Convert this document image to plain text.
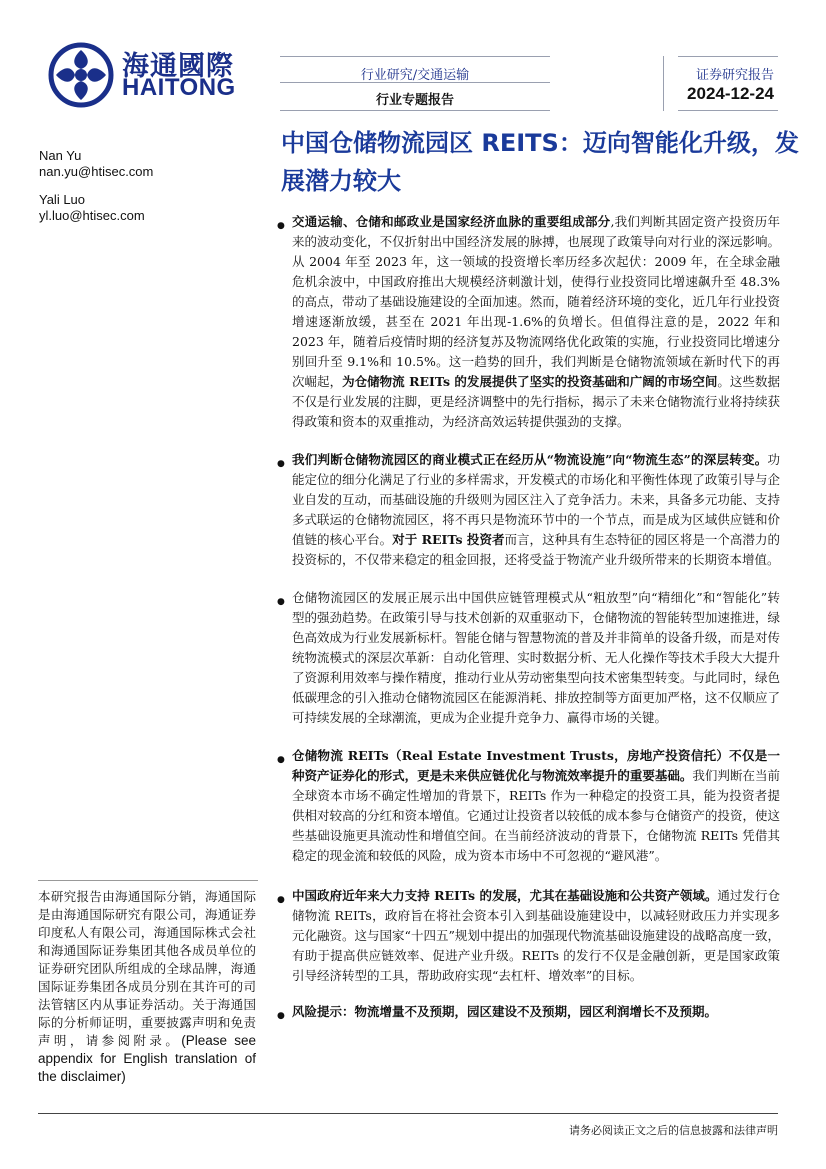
海通國際
HAITONG	行业研究/交通运输
行业专题报告
证券研究报告
2024-12-24
Nan Yu
nan.yu@htisec.com
Yali Luo
yl.luo@htisec.com
中国仓储物流园区 REITS：迈向智能化升级，发展潜力较大
● 交通运输、仓储和邮政业是国家经济血脉的重要组成部分,我们判断其固定资产投资历年来的波动变化，不仅折射出中国经济发展的脉搏，也展现了政策导向对行业的深远影响。从 2004 年至 2023 年，这一领域的投资增长率历经多次起伏：2009 年，在全球金融危机余波中，中国政府推出大规模经济刺激计划，使得行业投资同比增速飙升至 48.3%的高点，带动了基础设施建设的全面加速。然而，随着经济环境的变化，近几年行业投资增速逐渐放缓，甚至在 2021 年出现-1.6%的负增长。但值得注意的是，2022 年和 2023 年，随着后疫情时期的经济复苏及物流网络优化政策的实施，行业投资同比增速分别回升至 9.1%和 10.5%。这一趋势的回升，我们判断是仓储物流领域在新时代下的再次崛起，为仓储物流 REITs 的发展提供了坚实的投资基础和广阔的市场空间。这些数据不仅是行业发展的注脚，更是经济调整中的先行指标，揭示了未来仓储物流行业将持续获得政策和资本的双重推动，为经济高效运转提供强劲的支撑。
● 我们判断仓储物流园区的商业模式正在经历从“物流设施”向“物流生态”的深层转变。功能定位的细分化满足了行业的多样需求，开发模式的市场化和平衡性体现了政策引导与企业自发的互动，而基础设施的升级则为园区注入了竞争活力。未来，具备多元功能、支持多式联运的仓储物流园区，将不再只是物流环节中的一个节点，而是成为区域供应链和价值链的核心平台。对于 REITs 投资者而言，这种具有生态特征的园区将是一个高潜力的投资标的，不仅带来稳定的租金回报，还将受益于物流产业升级所带来的长期资本增值。
● 仓储物流园区的发展正展示出中国供应链管理模式从“粗放型”向“精细化”和“智能化”转型的强劲趋势。在政策引导与技术创新的双重驱动下，仓储物流的智能转型加速推进，绿色高效成为行业发展新标杆。智能仓储与智慧物流的普及并非简单的设备升级，而是对传统物流模式的深层次革新：自动化管理、实时数据分析、无人化操作等技术手段大大提升了资源利用效率与操作精度，推动行业从劳动密集型向技术密集型转变。与此同时，绿色低碳理念的引入推动仓储物流园区在能源消耗、排放控制等方面更加严格，这不仅顺应了可持续发展的全球潮流，更成为企业提升竞争力、赢得市场的关键。
● 仓储物流 REITs（Real Estate Investment Trusts，房地产投资信托）不仅是一种资产证券化的形式，更是未来供应链优化与物流效率提升的重要基础。我们判断在当前全球资本市场不确定性增加的背景下，REITs 作为一种稳定的投资工具，能为投资者提供相对较高的分红和资本增值。它通过让投资者以较低的成本参与仓储资产的投资，使这些基础设施更具流动性和增值空间。在当前经济波动的背景下，仓储物流 REITs 凭借其稳定的现金流和较低的风险，成为资本市场中不可忽视的“避风港”。
● 中国政府近年来大力支持 REITs 的发展，尤其在基础设施和公共资产领域。通过发行仓储物流 REITs，政府旨在将社会资本引入到基础设施建设中，以减轻财政压力并实现多元化融资。这与国家“十四五”规划中提出的加强现代物流基础设施建设的战略高度一致，有助于提高供应链效率、促进产业升级。REITs 的发行不仅是金融创新，更是国家政策引导经济转型的工具，帮助政府实现“去杠杆、增效率”的目标。
● 风险提示：物流增量不及预期，园区建设不及预期，园区利润增长不及预期。
本研究报告由海通国际分销，海通国际是由海通国际研究有限公司，海通证券印度私人有限公司，海通国际株式会社和海通国际证券集团其他各成员单位的证券研究团队所组成的全球品牌，海通国际证券集团各成员分别在其许可的司法管辖区内从事证券活动。关于海通国际的分析师证明，重要披露声明和免责声明，请参阅附录。(Please see appendix for English translation of the disclaimer)
请务必阅读正文之后的信息披露和法律声明
